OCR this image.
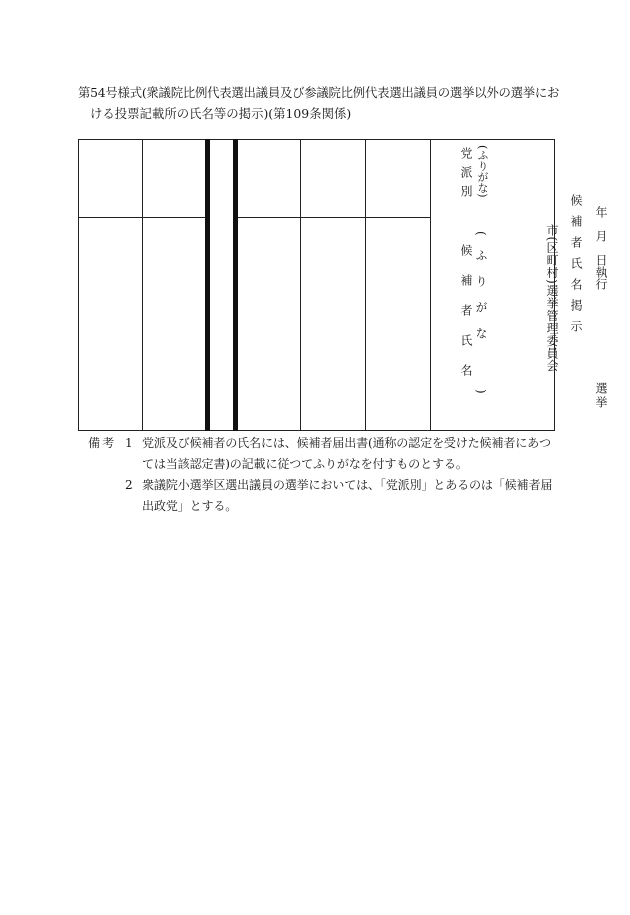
第54号様式(衆議院比例代表選出議員及び参議院比例代表選出議員の選挙以外の選挙にお
ける投票記載所の氏名等の掲示)(第109条関係)
党派別 (ふりがな)
候補者氏名
(
ふりがな
)
市(区町村)選挙管理委員会 候補者氏名掲示 年　月　日執行
選挙
備考 1 党派及び候補者の氏名には、候補者届出書(通称の認定を受けた候補者にあつては当該認定書)の記載に従つてふりがなを付すものとする。
2 衆議院小選挙区選出議員の選挙においては、「党派別」とあるのは「候補者届出政党」とする。
